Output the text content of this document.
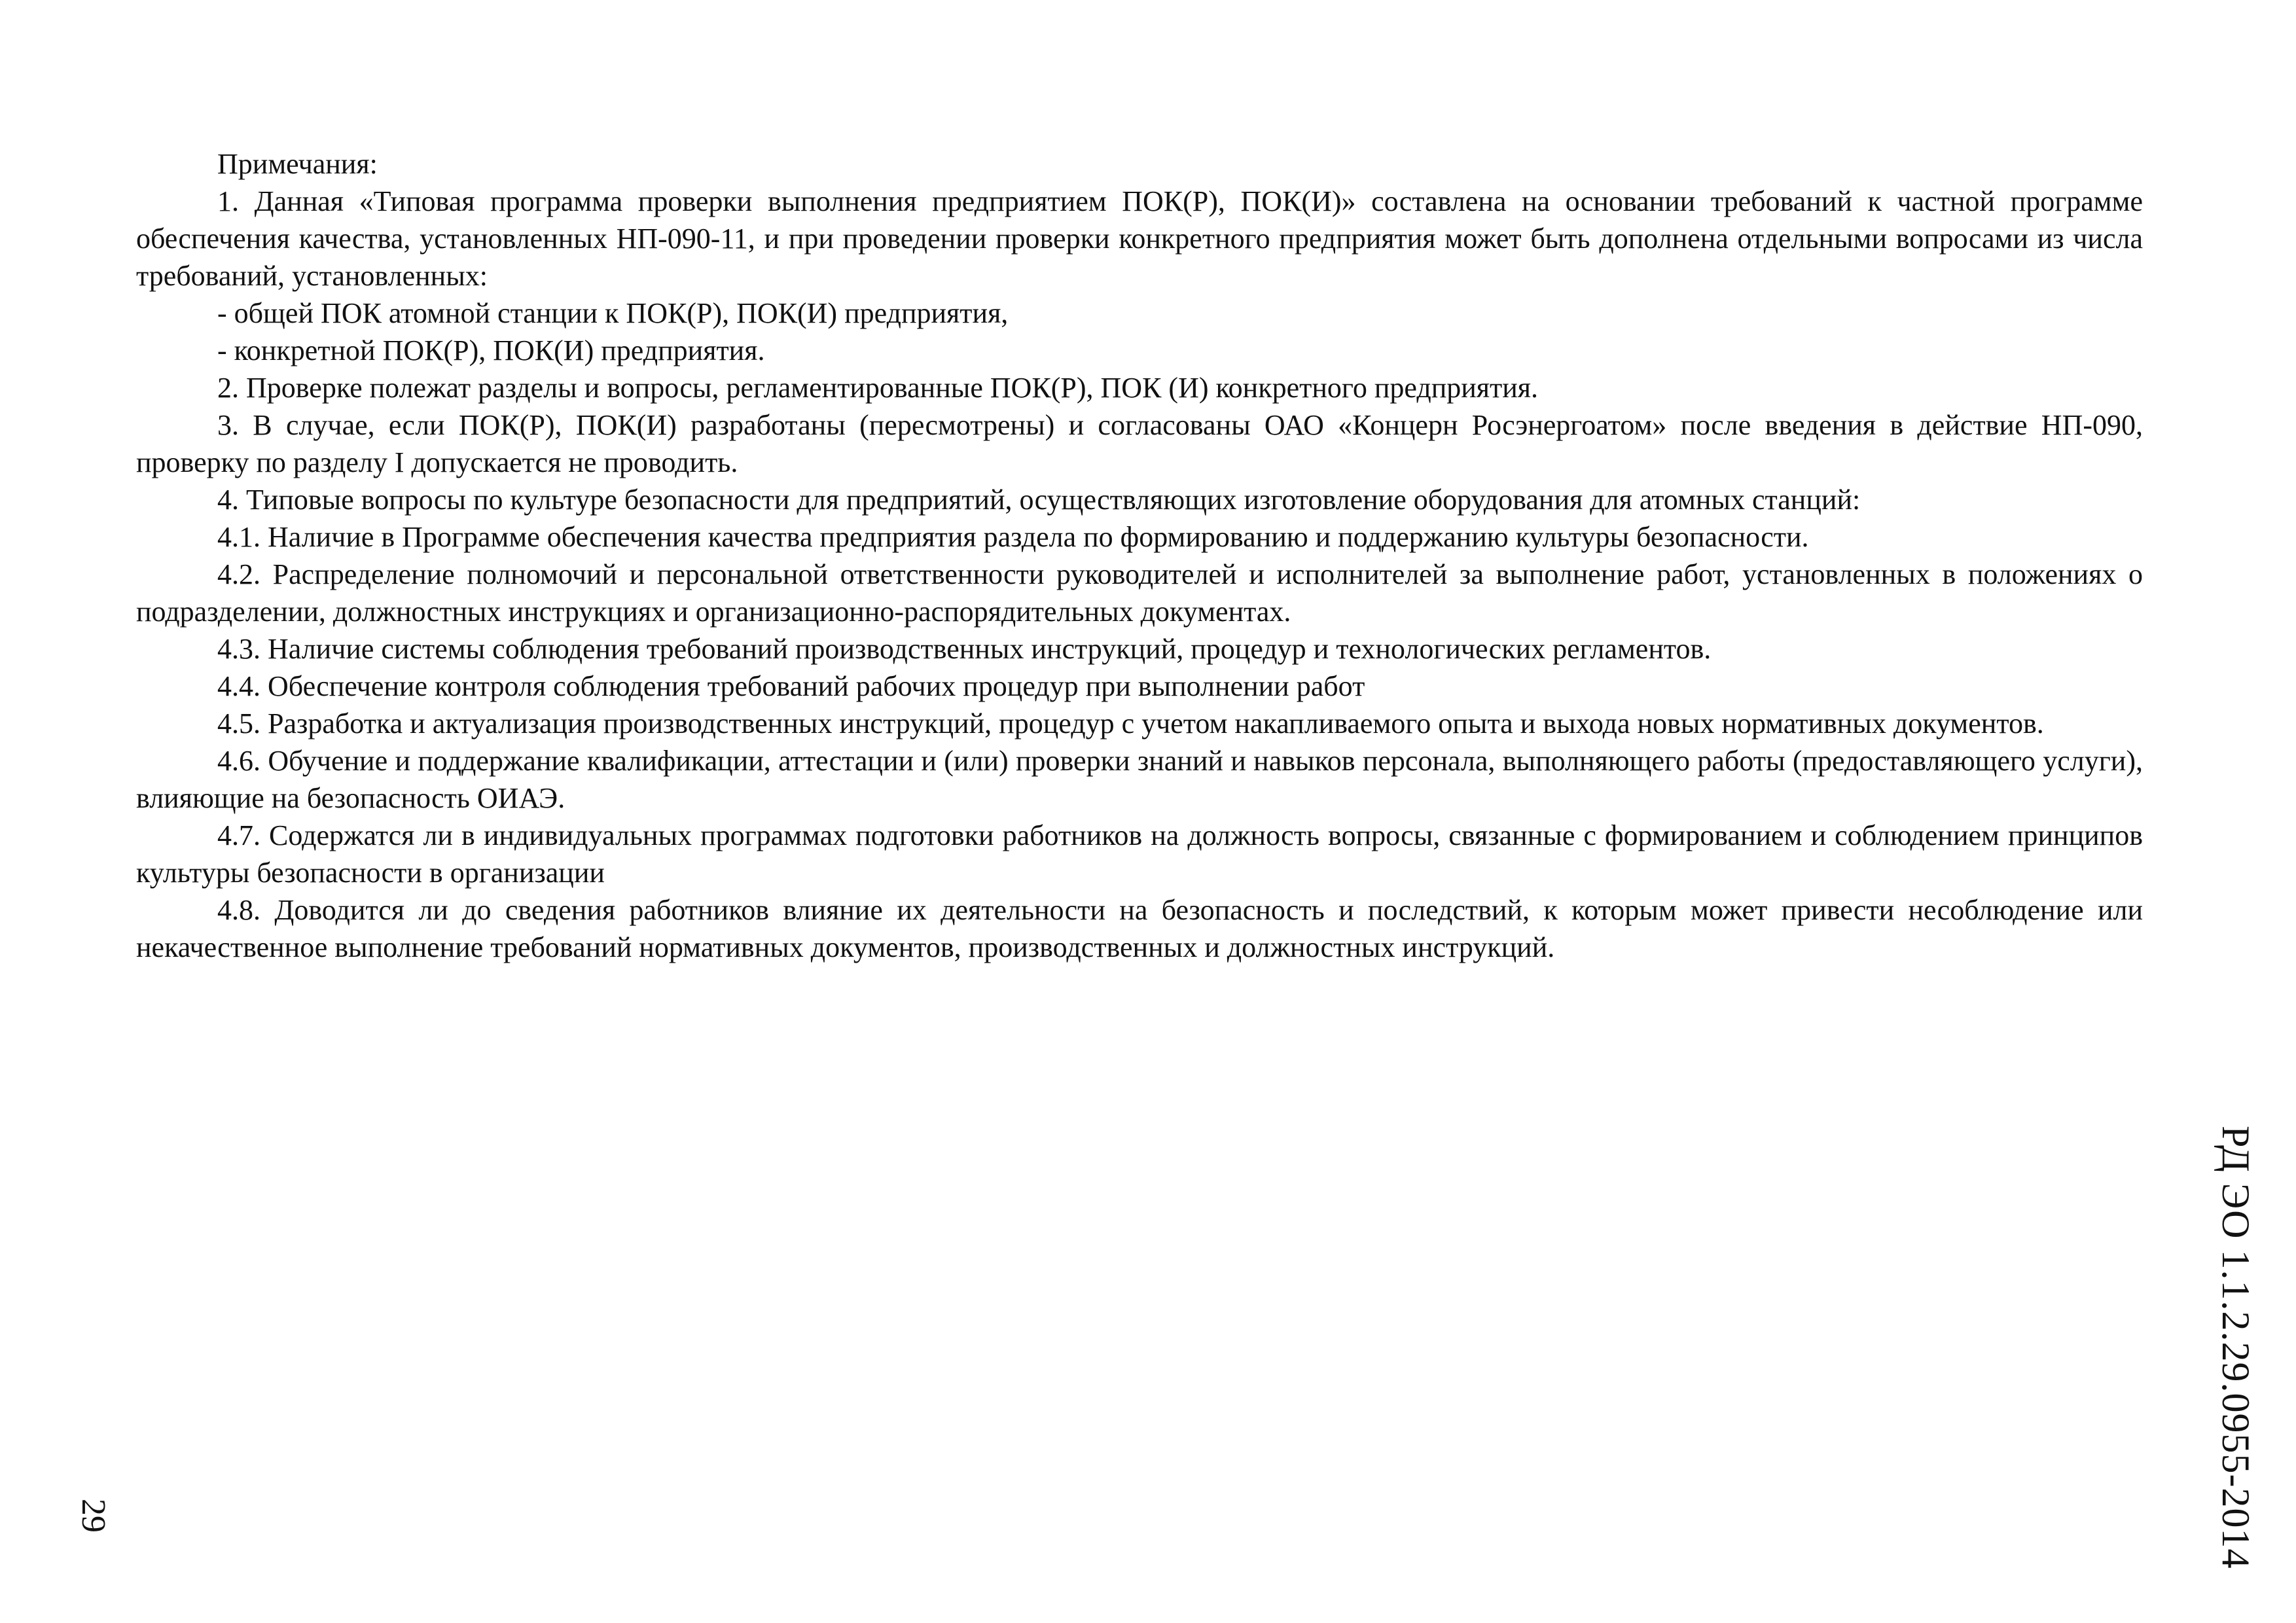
Примечания:

1. Данная «Типовая программа проверки выполнения предприятием ПОК(Р), ПОК(И)» составлена на основании требований к частной программе обеспечения качества, установленных НП-090-11, и при проведении проверки конкретного предприятия может быть дополнена отдельными вопросами из числа требований, установленных:

- общей ПОК атомной станции к ПОК(Р), ПОК(И) предприятия,

- конкретной ПОК(Р), ПОК(И) предприятия.

2. Проверке полежат разделы и вопросы, регламентированные ПОК(Р), ПОК (И) конкретного предприятия.

3. В случае, если ПОК(Р), ПОК(И) разработаны (пересмотрены) и согласованы ОАО «Концерн Росэнергоатом» после введения в действие НП-090, проверку по разделу I допускается не проводить.

4. Типовые вопросы по культуре безопасности для предприятий, осуществляющих изготовление оборудования для атомных станций:

4.1. Наличие в Программе обеспечения качества предприятия раздела по формированию и поддержанию культуры безопасности.

4.2. Распределение полномочий и персональной ответственности руководителей и исполнителей за выполнение работ, установленных в положениях о подразделении, должностных инструкциях и организационно-распорядительных документах.

4.3. Наличие системы соблюдения требований производственных инструкций, процедур и технологических регламентов.

4.4. Обеспечение контроля соблюдения требований рабочих процедур при выполнении работ

4.5. Разработка и актуализация производственных инструкций, процедур с учетом накапливаемого опыта и выхода новых нормативных документов.

4.6. Обучение и поддержание квалификации, аттестации и (или) проверки знаний и навыков персонала, выполняющего работы (предоставляющего услуги), влияющие на безопасность ОИАЭ.

4.7. Содержатся ли в индивидуальных программах подготовки работников на должность вопросы, связанные с формированием и соблюдением принципов культуры безопасности в организации

4.8. Доводится ли до сведения работников влияние их деятельности на безопасность и последствий, к которым может привести несоблюдение или некачественное выполнение требований нормативных документов, производственных и должностных инструкций.

РД ЭО 1.1.2.29.0955-2014
29
